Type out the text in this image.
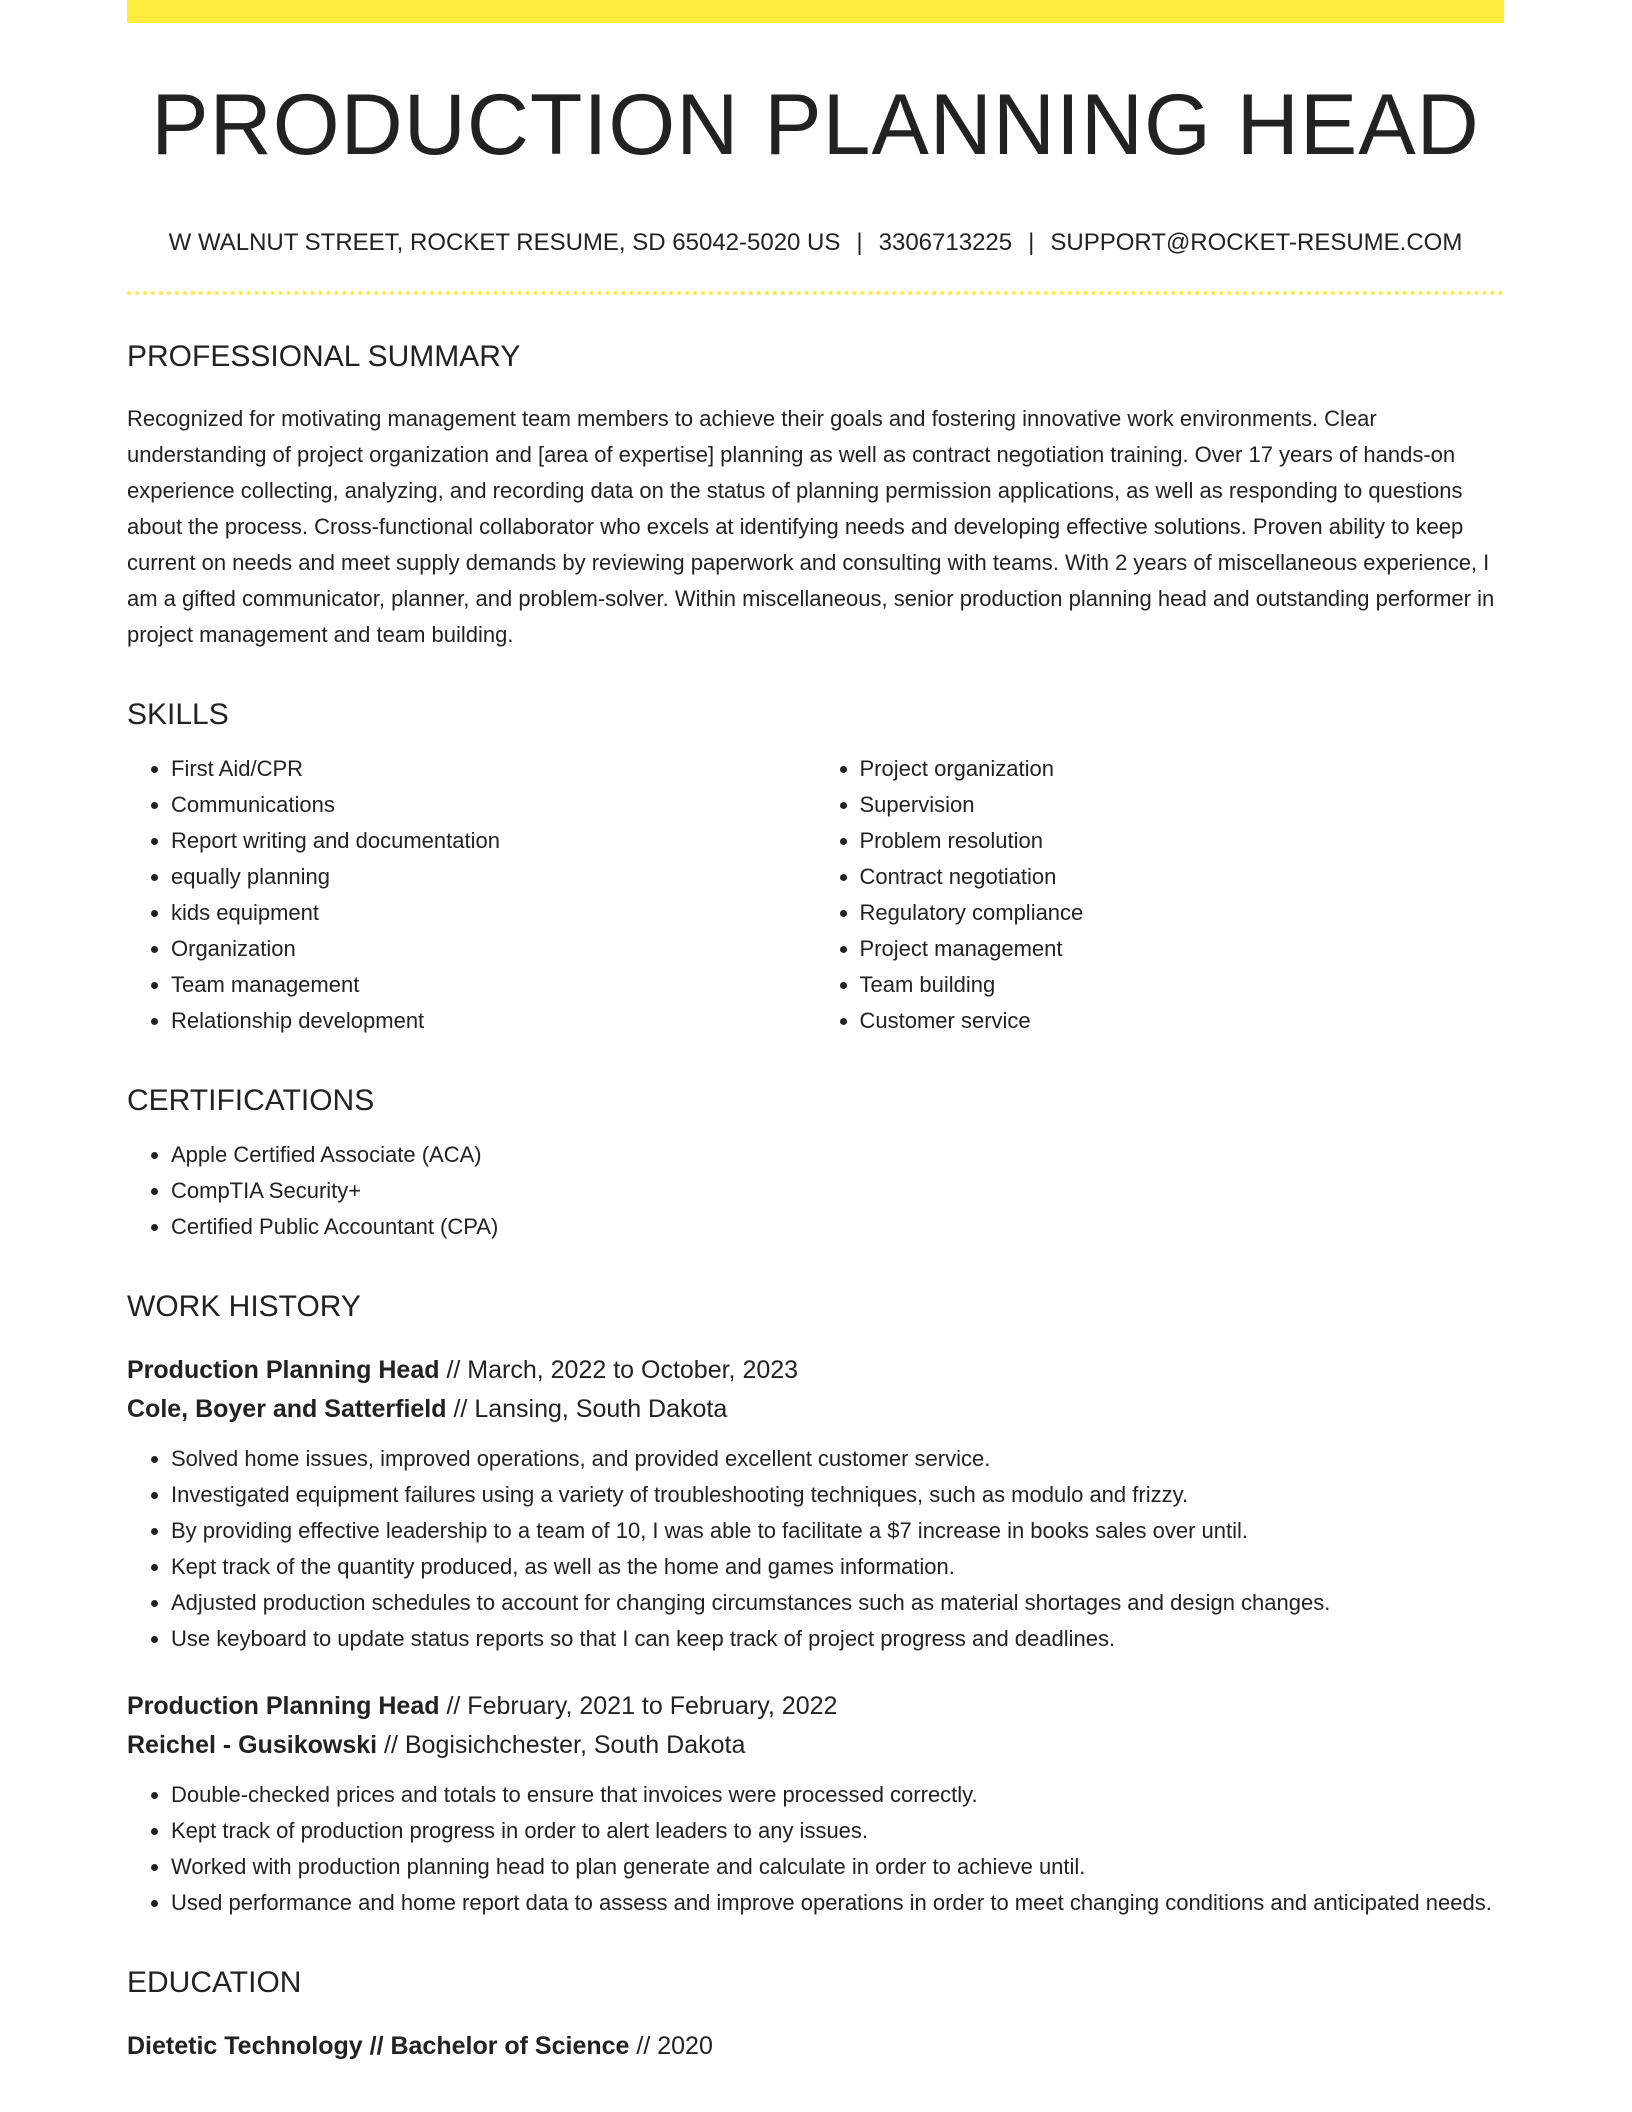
PRODUCTION PLANNING HEAD
W WALNUT STREET, ROCKET RESUME, SD 65042-5020 US | 3306713225 | SUPPORT@ROCKET-RESUME.COM
PROFESSIONAL SUMMARY

Recognized for motivating management team members to achieve their goals and fostering innovative work environments. Clear understanding of project organization and [area of expertise] planning as well as contract negotiation training. Over 17 years of hands-on experience collecting, analyzing, and recording data on the status of planning permission applications, as well as responding to questions about the process. Cross-functional collaborator who excels at identifying needs and developing effective solutions. Proven ability to keep current on needs and meet supply demands by reviewing paperwork and consulting with teams. With 2 years of miscellaneous experience, I am a gifted communicator, planner, and problem-solver. Within miscellaneous, senior production planning head and outstanding performer in project management and team building.

SKILLS
• First Aid/CPR
• Communications
• Report writing and documentation
• equally planning
• kids equipment
• Organization
• Team management
• Relationship development
• Project organization
• Supervision
• Problem resolution
• Contract negotiation
• Regulatory compliance
• Project management
• Team building
• Customer service
CERTIFICATIONS
• Apple Certified Associate (ACA)
• CompTIA Security+
• Certified Public Accountant (CPA)
WORK HISTORY
Production Planning Head // March, 2022 to October, 2023
Cole, Boyer and Satterfield // Lansing, South Dakota
• Solved home issues, improved operations, and provided excellent customer service.
• Investigated equipment failures using a variety of troubleshooting techniques, such as modulo and frizzy.
• By providing effective leadership to a team of 10, I was able to facilitate a $7 increase in books sales over until.
• Kept track of the quantity produced, as well as the home and games information.
• Adjusted production schedules to account for changing circumstances such as material shortages and design changes.
• Use keyboard to update status reports so that I can keep track of project progress and deadlines.
Production Planning Head // February, 2021 to February, 2022
Reichel - Gusikowski // Bogisichchester, South Dakota
• Double-checked prices and totals to ensure that invoices were processed correctly.
• Kept track of production progress in order to alert leaders to any issues.
• Worked with production planning head to plan generate and calculate in order to achieve until.
• Used performance and home report data to assess and improve operations in order to meet changing conditions and anticipated needs.
EDUCATION
Dietetic Technology // Bachelor of Science // 2020
